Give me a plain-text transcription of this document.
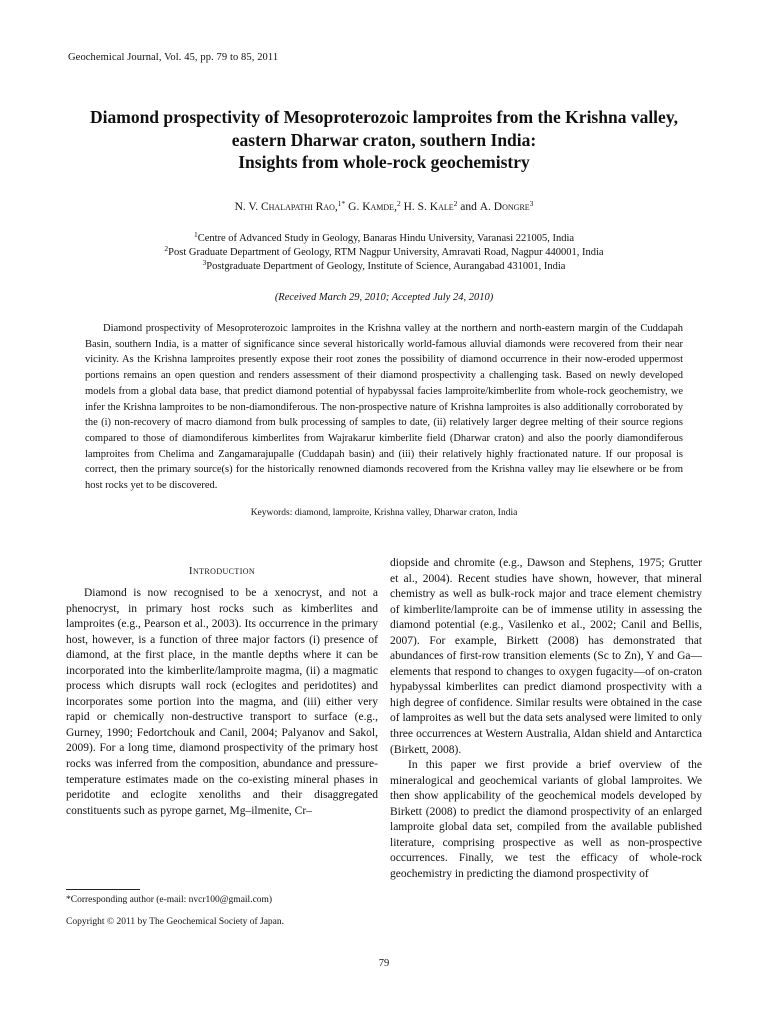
Geochemical Journal, Vol. 45, pp. 79 to 85, 2011
Diamond prospectivity of Mesoproterozoic lamproites from the Krishna valley,
eastern Dharwar craton, southern India:
Insights from whole-rock geochemistry
N. V. Chalapathi Rao,$^{1*}$ G. Kamde,$^2$ H. S. Kale$^2$ and A. Dongre$^3$
$^1$Centre of Advanced Study in Geology, Banaras Hindu University, Varanasi 221005, India
$^2$Post Graduate Department of Geology, RTM Nagpur University, Amravati Road, Nagpur 440001, India
$^3$Postgraduate Department of Geology, Institute of Science, Aurangabad 431001, India
(Received March 29, 2010; Accepted July 24, 2010)
Diamond prospectivity of Mesoproterozoic lamproites in the Krishna valley at the northern and north-eastern margin of the Cuddapah Basin, southern India, is a matter of significance since several historically world-famous alluvial diamonds were recovered from their near vicinity. As the Krishna lamproites presently expose their root zones the possibility of diamond occurrence in their now-eroded uppermost portions remains an open question and renders assessment of their diamond prospectivity a challenging task. Based on newly developed models from a global data base, that predict diamond potential of hypabyssal facies lamproite/kimberlite from whole-rock geochemistry, we infer the Krishna lamproites to be non-diamondiferous. The non-prospective nature of Krishna lamproites is also additionally corroborated by the (i) non-recovery of macro diamond from bulk processing of samples to date, (ii) relatively larger degree melting of their source regions compared to those of diamondiferous kimberlites from Wajrakarur kimberlite field (Dharwar craton) and also the poorly diamondiferous lamproites from Chelima and Zangamarajupalle (Cuddapah basin) and (iii) their relatively highly fractionated nature. If our proposal is correct, then the primary source(s) for the historically renowned diamonds recovered from the Krishna valley may lie elsewhere or be from host rocks yet to be discovered.
Keywords: diamond, lamproite, Krishna valley, Dharwar craton, India
Introduction

Diamond is now recognised to be a xenocryst, and not a phenocryst, in primary host rocks such as kimberlites and lamproites (e.g., Pearson et al., 2003). Its occurrence in the primary host, however, is a function of three major factors (i) presence of diamond, at the first place, in the mantle depths where it can be incorporated into the kimberlite/lamproite magma, (ii) a magmatic process which disrupts wall rock (eclogites and peridotites) and incorporates some portion into the magma, and (iii) either very rapid or chemically non-destructive transport to surface (e.g., Gurney, 1990; Fedortchouk and Canil, 2004; Palyanov and Sakol, 2009). For a long time, diamond prospectivity of the primary host rocks was inferred from the composition, abundance and pressure-temperature estimates made on the co-existing mineral phases in peridotite and eclogite xenoliths and their disaggregated constituents such as pyrope garnet, Mg–ilmenite, Cr–

diopside and chromite (e.g., Dawson and Stephens, 1975; Grutter et al., 2004). Recent studies have shown, however, that mineral chemistry as well as bulk-rock major and trace element chemistry of kimberlite/lamproite can be of immense utility in assessing the diamond potential (e.g., Vasilenko et al., 2002; Canil and Bellis, 2007). For example, Birkett (2008) has demonstrated that abundances of first-row transition elements (Sc to Zn), Y and Ga—elements that respond to changes to oxygen fugacity—of on-craton hypabyssal kimberlites can predict diamond prospectivity with a high degree of confidence. Similar results were obtained in the case of lamproites as well but the data sets analysed were limited to only three occurrences at Western Australia, Aldan shield and Antarctica (Birkett, 2008).

In this paper we first provide a brief overview of the mineralogical and geochemical variants of global lamproites. We then show applicability of the geochemical models developed by Birkett (2008) to predict the diamond prospectivity of an enlarged lamproite global data set, compiled from the available published literature, comprising prospective as well as non-prospective occurrences. Finally, we test the efficacy of whole-rock geochemistry in predicting the diamond prospectivity of

*Corresponding author (e-mail: nvcr100@gmail.com)
Copyright © 2011 by The Geochemical Society of Japan.
79
